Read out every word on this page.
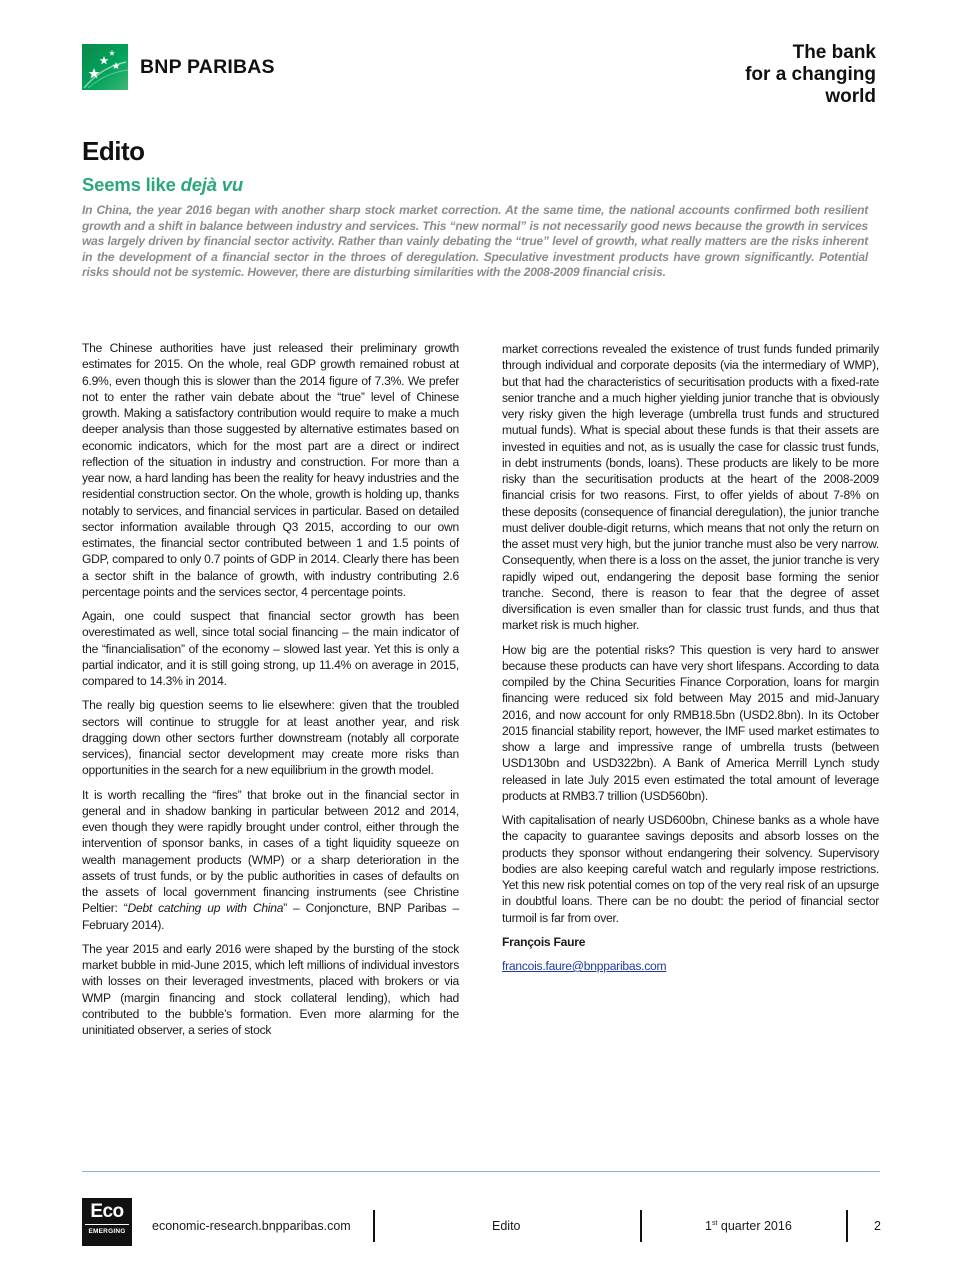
BNP PARIBAS
The bank
for a changing
world
Edito
Seems like dejà vu

In China, the year 2016 began with another sharp stock market correction. At the same time, the national accounts confirmed both resilient growth and a shift in balance between industry and services. This “new normal” is not necessarily good news because the growth in services was largely driven by financial sector activity. Rather than vainly debating the “true” level of growth, what really matters are the risks inherent in the development of a financial sector in the throes of deregulation. Speculative investment products have grown significantly. Potential risks should not be systemic. However, there are disturbing similarities with the 2008-2009 financial crisis.

The Chinese authorities have just released their preliminary growth estimates for 2015. On the whole, real GDP growth remained robust at 6.9%, even though this is slower than the 2014 figure of 7.3%. We prefer not to enter the rather vain debate about the “true” level of Chinese growth. Making a satisfactory contribution would require to make a much deeper analysis than those suggested by alternative estimates based on economic indicators, which for the most part are a direct or indirect reflection of the situation in industry and construction. For more than a year now, a hard landing has been the reality for heavy industries and the residential construction sector. On the whole, growth is holding up, thanks notably to services, and financial services in particular. Based on detailed sector information available through Q3 2015, according to our own estimates, the financial sector contributed between 1 and 1.5 points of GDP, compared to only 0.7 points of GDP in 2014. Clearly there has been a sector shift in the balance of growth, with industry contributing 2.6 percentage points and the services sector, 4 percentage points.

Again, one could suspect that financial sector growth has been overestimated as well, since total social financing – the main indicator of the “financialisation” of the economy – slowed last year. Yet this is only a partial indicator, and it is still going strong, up 11.4% on average in 2015, compared to 14.3% in 2014.

The really big question seems to lie elsewhere: given that the troubled sectors will continue to struggle for at least another year, and risk dragging down other sectors further downstream (notably all corporate services), financial sector development may create more risks than opportunities in the search for a new equilibrium in the growth model.

It is worth recalling the “fires” that broke out in the financial sector in general and in shadow banking in particular between 2012 and 2014, even though they were rapidly brought under control, either through the intervention of sponsor banks, in cases of a tight liquidity squeeze on wealth management products (WMP) or a sharp deterioration in the assets of trust funds, or by the public authorities in cases of defaults on the assets of local government financing instruments (see Christine Peltier: “Debt catching up with China” – Conjoncture, BNP Paribas – February 2014).

The year 2015 and early 2016 were shaped by the bursting of the stock market bubble in mid-June 2015, which left millions of individual investors with losses on their leveraged investments, placed with brokers or via WMP (margin financing and stock collateral lending), which had contributed to the bubble’s formation. Even more alarming for the uninitiated observer, a series of stock

market corrections revealed the existence of trust funds funded primarily through individual and corporate deposits (via the intermediary of WMP), but that had the characteristics of securitisation products with a fixed-rate senior tranche and a much higher yielding junior tranche that is obviously very risky given the high leverage (umbrella trust funds and structured mutual funds). What is special about these funds is that their assets are invested in equities and not, as is usually the case for classic trust funds, in debt instruments (bonds, loans). These products are likely to be more risky than the securitisation products at the heart of the 2008-2009 financial crisis for two reasons. First, to offer yields of about 7-8% on these deposits (consequence of financial deregulation), the junior tranche must deliver double-digit returns, which means that not only the return on the asset must very high, but the junior tranche must also be very narrow. Consequently, when there is a loss on the asset, the junior tranche is very rapidly wiped out, endangering the deposit base forming the senior tranche. Second, there is reason to fear that the degree of asset diversification is even smaller than for classic trust funds, and thus that market risk is much higher.

How big are the potential risks? This question is very hard to answer because these products can have very short lifespans. According to data compiled by the China Securities Finance Corporation, loans for margin financing were reduced six fold between May 2015 and mid-January 2016, and now account for only RMB18.5bn (USD2.8bn). In its October 2015 financial stability report, however, the IMF used market estimates to show a large and impressive range of umbrella trusts (between USD130bn and USD322bn). A Bank of America Merrill Lynch study released in late July 2015 even estimated the total amount of leverage products at RMB3.7 trillion (USD560bn).

With capitalisation of nearly USD600bn, Chinese banks as a whole have the capacity to guarantee savings deposits and absorb losses on the products they sponsor without endangering their solvency. Supervisory bodies are also keeping careful watch and regularly impose restrictions. Yet this new risk potential comes on top of the very real risk of an upsurge in doubtful loans. There can be no doubt: the period of financial sector turmoil is far from over.

François Faure

francois.faure@bnpparibas.com
Eco
EMERGING economic-research.bnpparibas.com	Edito	1st quarter 2016	2
